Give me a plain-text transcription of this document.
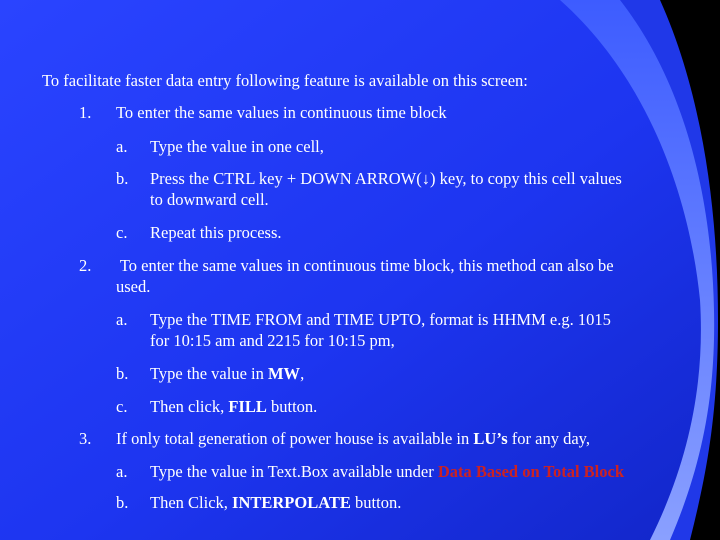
To facilitate faster data entry following feature is available on this screen:
1. To enter the same values in continuous time block
a. Type the value in one cell,
b. Press the CTRL key + DOWN ARROW(↓) key, to copy this cell values
to downward cell.
c. Repeat this process.
2. To enter the same values in continuous time block, this method can also be
used.
a. Type the TIME FROM and TIME UPTO, format is HHMM e.g. 1015
for 10:15 am and 2215 for 10:15 pm,
b. Type the value in MW,
c. Then click, FILL button.
3. If only total generation of power house is available in LU’s for any day,
a. Type the value in Text.Box available under Data Based on Total Block
b. Then Click, INTERPOLATE button.
